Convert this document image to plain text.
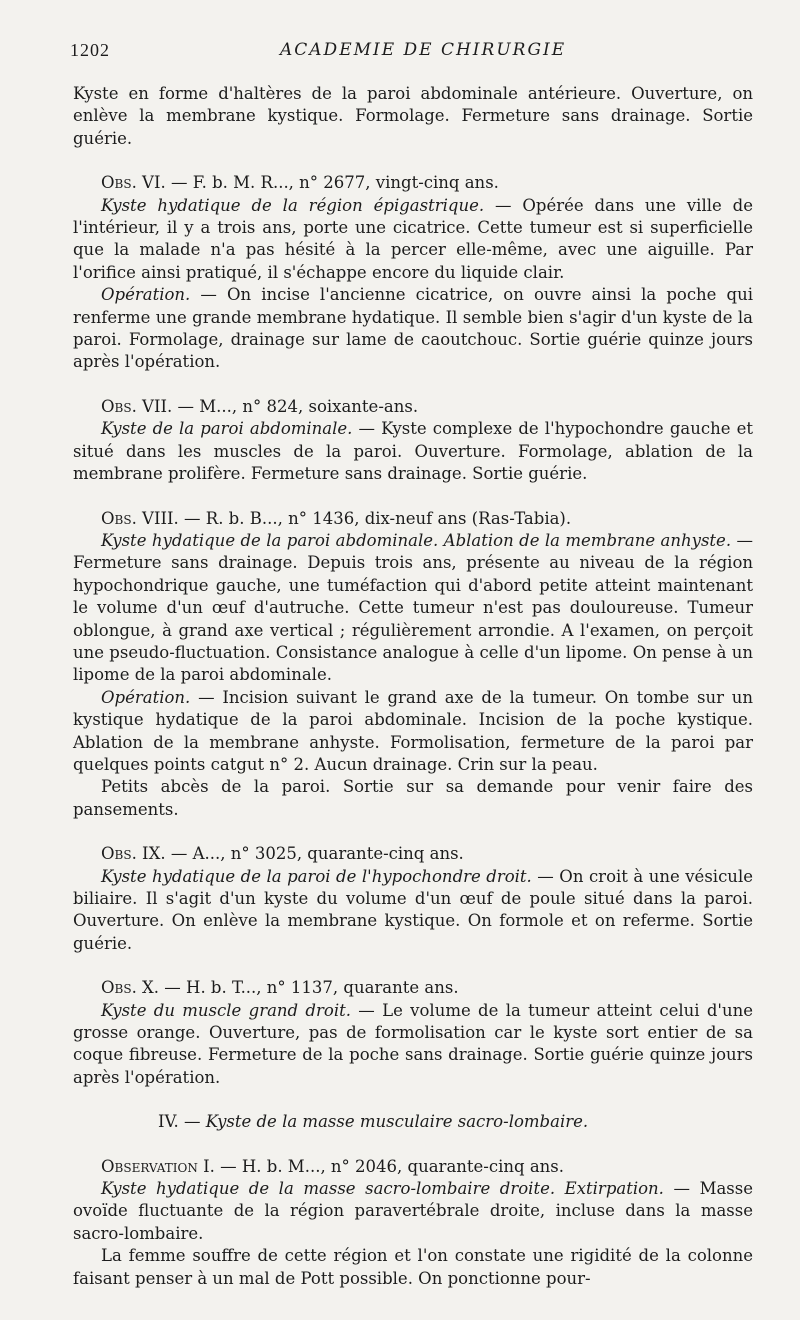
1202	ACADEMIE DE CHIRURGIE

Kyste en forme d'haltères de la paroi abdominale antérieure. Ouverture, on enlève la membrane kystique. Formolage. Fermeture sans drainage. Sortie guérie.

Obs. VI. — F. b. M. R..., n° 2677, vingt-cinq ans.

Kyste hydatique de la région épigastrique. — Opérée dans une ville de l'intérieur, il y a trois ans, porte une cicatrice. Cette tumeur est si superficielle que la malade n'a pas hésité à la percer elle-même, avec une aiguille. Par l'orifice ainsi pratiqué, il s'échappe encore du liquide clair.

Opération. — On incise l'ancienne cicatrice, on ouvre ainsi la poche qui renferme une grande membrane hydatique. Il semble bien s'agir d'un kyste de la paroi. Formolage, drainage sur lame de caoutchouc. Sortie guérie quinze jours après l'opération.

Obs. VII. — M..., n° 824, soixante-ans.

Kyste de la paroi abdominale. — Kyste complexe de l'hypochondre gauche et situé dans les muscles de la paroi. Ouverture. Formolage, ablation de la membrane prolifère. Fermeture sans drainage. Sortie guérie.

Obs. VIII. — R. b. B..., n° 1436, dix-neuf ans (Ras-Tabia).

Kyste hydatique de la paroi abdominale. Ablation de la membrane anhyste. — Fermeture sans drainage. Depuis trois ans, présente au niveau de la région hypochondrique gauche, une tuméfaction qui d'abord petite atteint maintenant le volume d'un œuf d'autruche. Cette tumeur n'est pas douloureuse. Tumeur oblongue, à grand axe vertical ; régulièrement arrondie. A l'examen, on perçoit une pseudo-fluctuation. Consistance analogue à celle d'un lipome. On pense à un lipome de la paroi abdominale.

Opération. — Incision suivant le grand axe de la tumeur. On tombe sur un kystique hydatique de la paroi abdominale. Incision de la poche kystique. Ablation de la membrane anhyste. Formolisation, fermeture de la paroi par quelques points catgut n° 2. Aucun drainage. Crin sur la peau.

Petits abcès de la paroi. Sortie sur sa demande pour venir faire des pansements.

Obs. IX. — A..., n° 3025, quarante-cinq ans.

Kyste hydatique de la paroi de l'hypochondre droit. — On croit à une vésicule biliaire. Il s'agit d'un kyste du volume d'un œuf de poule situé dans la paroi. Ouverture. On enlève la membrane kystique. On formole et on referme. Sortie guérie.

Obs. X. — H. b. T..., n° 1137, quarante ans.

Kyste du muscle grand droit. — Le volume de la tumeur atteint celui d'une grosse orange. Ouverture, pas de formolisation car le kyste sort entier de sa coque fibreuse. Fermeture de la poche sans drainage. Sortie guérie quinze jours après l'opération.

IV. — Kyste de la masse musculaire sacro-lombaire.

Observation I. — H. b. M..., n° 2046, quarante-cinq ans.

Kyste hydatique de la masse sacro-lombaire droite. Extirpation. — Masse ovoïde fluctuante de la région paravertébrale droite, incluse dans la masse sacro-lombaire.

La femme souffre de cette région et l'on constate une rigidité de la colonne faisant penser à un mal de Pott possible. On ponctionne pour-
